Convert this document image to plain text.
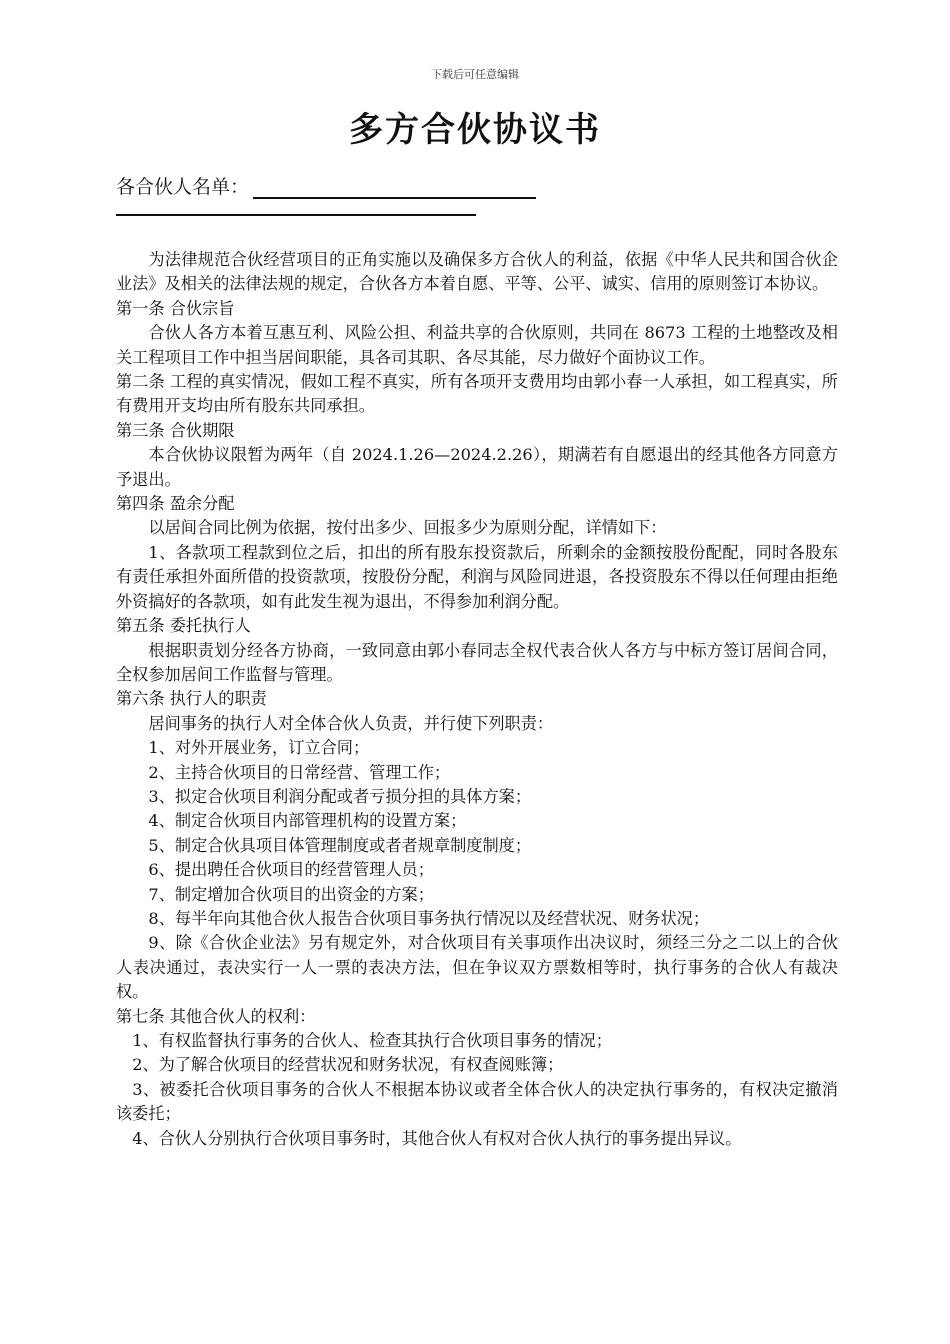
下载后可任意编辑
多方合伙协议书
各合伙人名单：

为法律规范合伙经营项目的正角实施以及确保多方合伙人的利益，依据《中华人民共和国合伙企业法》及相关的法律法规的规定，合伙各方本着自愿、平等、公平、诚实、信用的原则签订本协议。

第一条 合伙宗旨

合伙人各方本着互惠互利、风险公担、利益共享的合伙原则，共同在 8673 工程的土地整改及相关工程项目工作中担当居间职能，具各司其职、各尽其能，尽力做好个面协议工作。

第二条 工程的真实情况，假如工程不真实，所有各项开支费用均由郭小春一人承担，如工程真实，所有费用开支均由所有股东共同承担。

第三条 合伙期限

本合伙协议限暂为两年（自 2024.1.26—2024.2.26），期满若有自愿退出的经其他各方同意方予退出。

第四条 盈余分配

以居间合同比例为依据，按付出多少、回报多少为原则分配，详情如下：

1、各款项工程款到位之后，扣出的所有股东投资款后，所剩余的金额按股份配配，同时各股东有责任承担外面所借的投资款项，按股份分配，利润与风险同进退，各投资股东不得以任何理由拒绝外资搞好的各款项，如有此发生视为退出，不得参加利润分配。

第五条 委托执行人

根据职责划分经各方协商，一致同意由郭小春同志全权代表合伙人各方与中标方签订居间合同，全权参加居间工作监督与管理。

第六条 执行人的职责

居间事务的执行人对全体合伙人负责，并行使下列职责：

1、对外开展业务，订立合同；

2、主持合伙项目的日常经营、管理工作；

3、拟定合伙项目利润分配或者亏损分担的具体方案；

4、制定合伙项目内部管理机构的设置方案；

5、制定合伙具项目体管理制度或者者规章制度制度；

6、提出聘任合伙项目的经营管理人员；

7、制定增加合伙项目的出资金的方案；

8、每半年向其他合伙人报告合伙项目事务执行情况以及经营状况、财务状况；

9、除《合伙企业法》另有规定外，对合伙项目有关事项作出决议时，须经三分之二以上的合伙人表决通过，表决实行一人一票的表决方法，但在争议双方票数相等时，执行事务的合伙人有裁决权。

第七条 其他合伙人的权利：

1、有权监督执行事务的合伙人、检查其执行合伙项目事务的情况；

2、为了解合伙项目的经营状况和财务状况，有权查阅账簿；

3、被委托合伙项目事务的合伙人不根据本协议或者全体合伙人的决定执行事务的，有权决定撤消该委托；

4、合伙人分别执行合伙项目事务时，其他合伙人有权对合伙人执行的事务提出异议。
